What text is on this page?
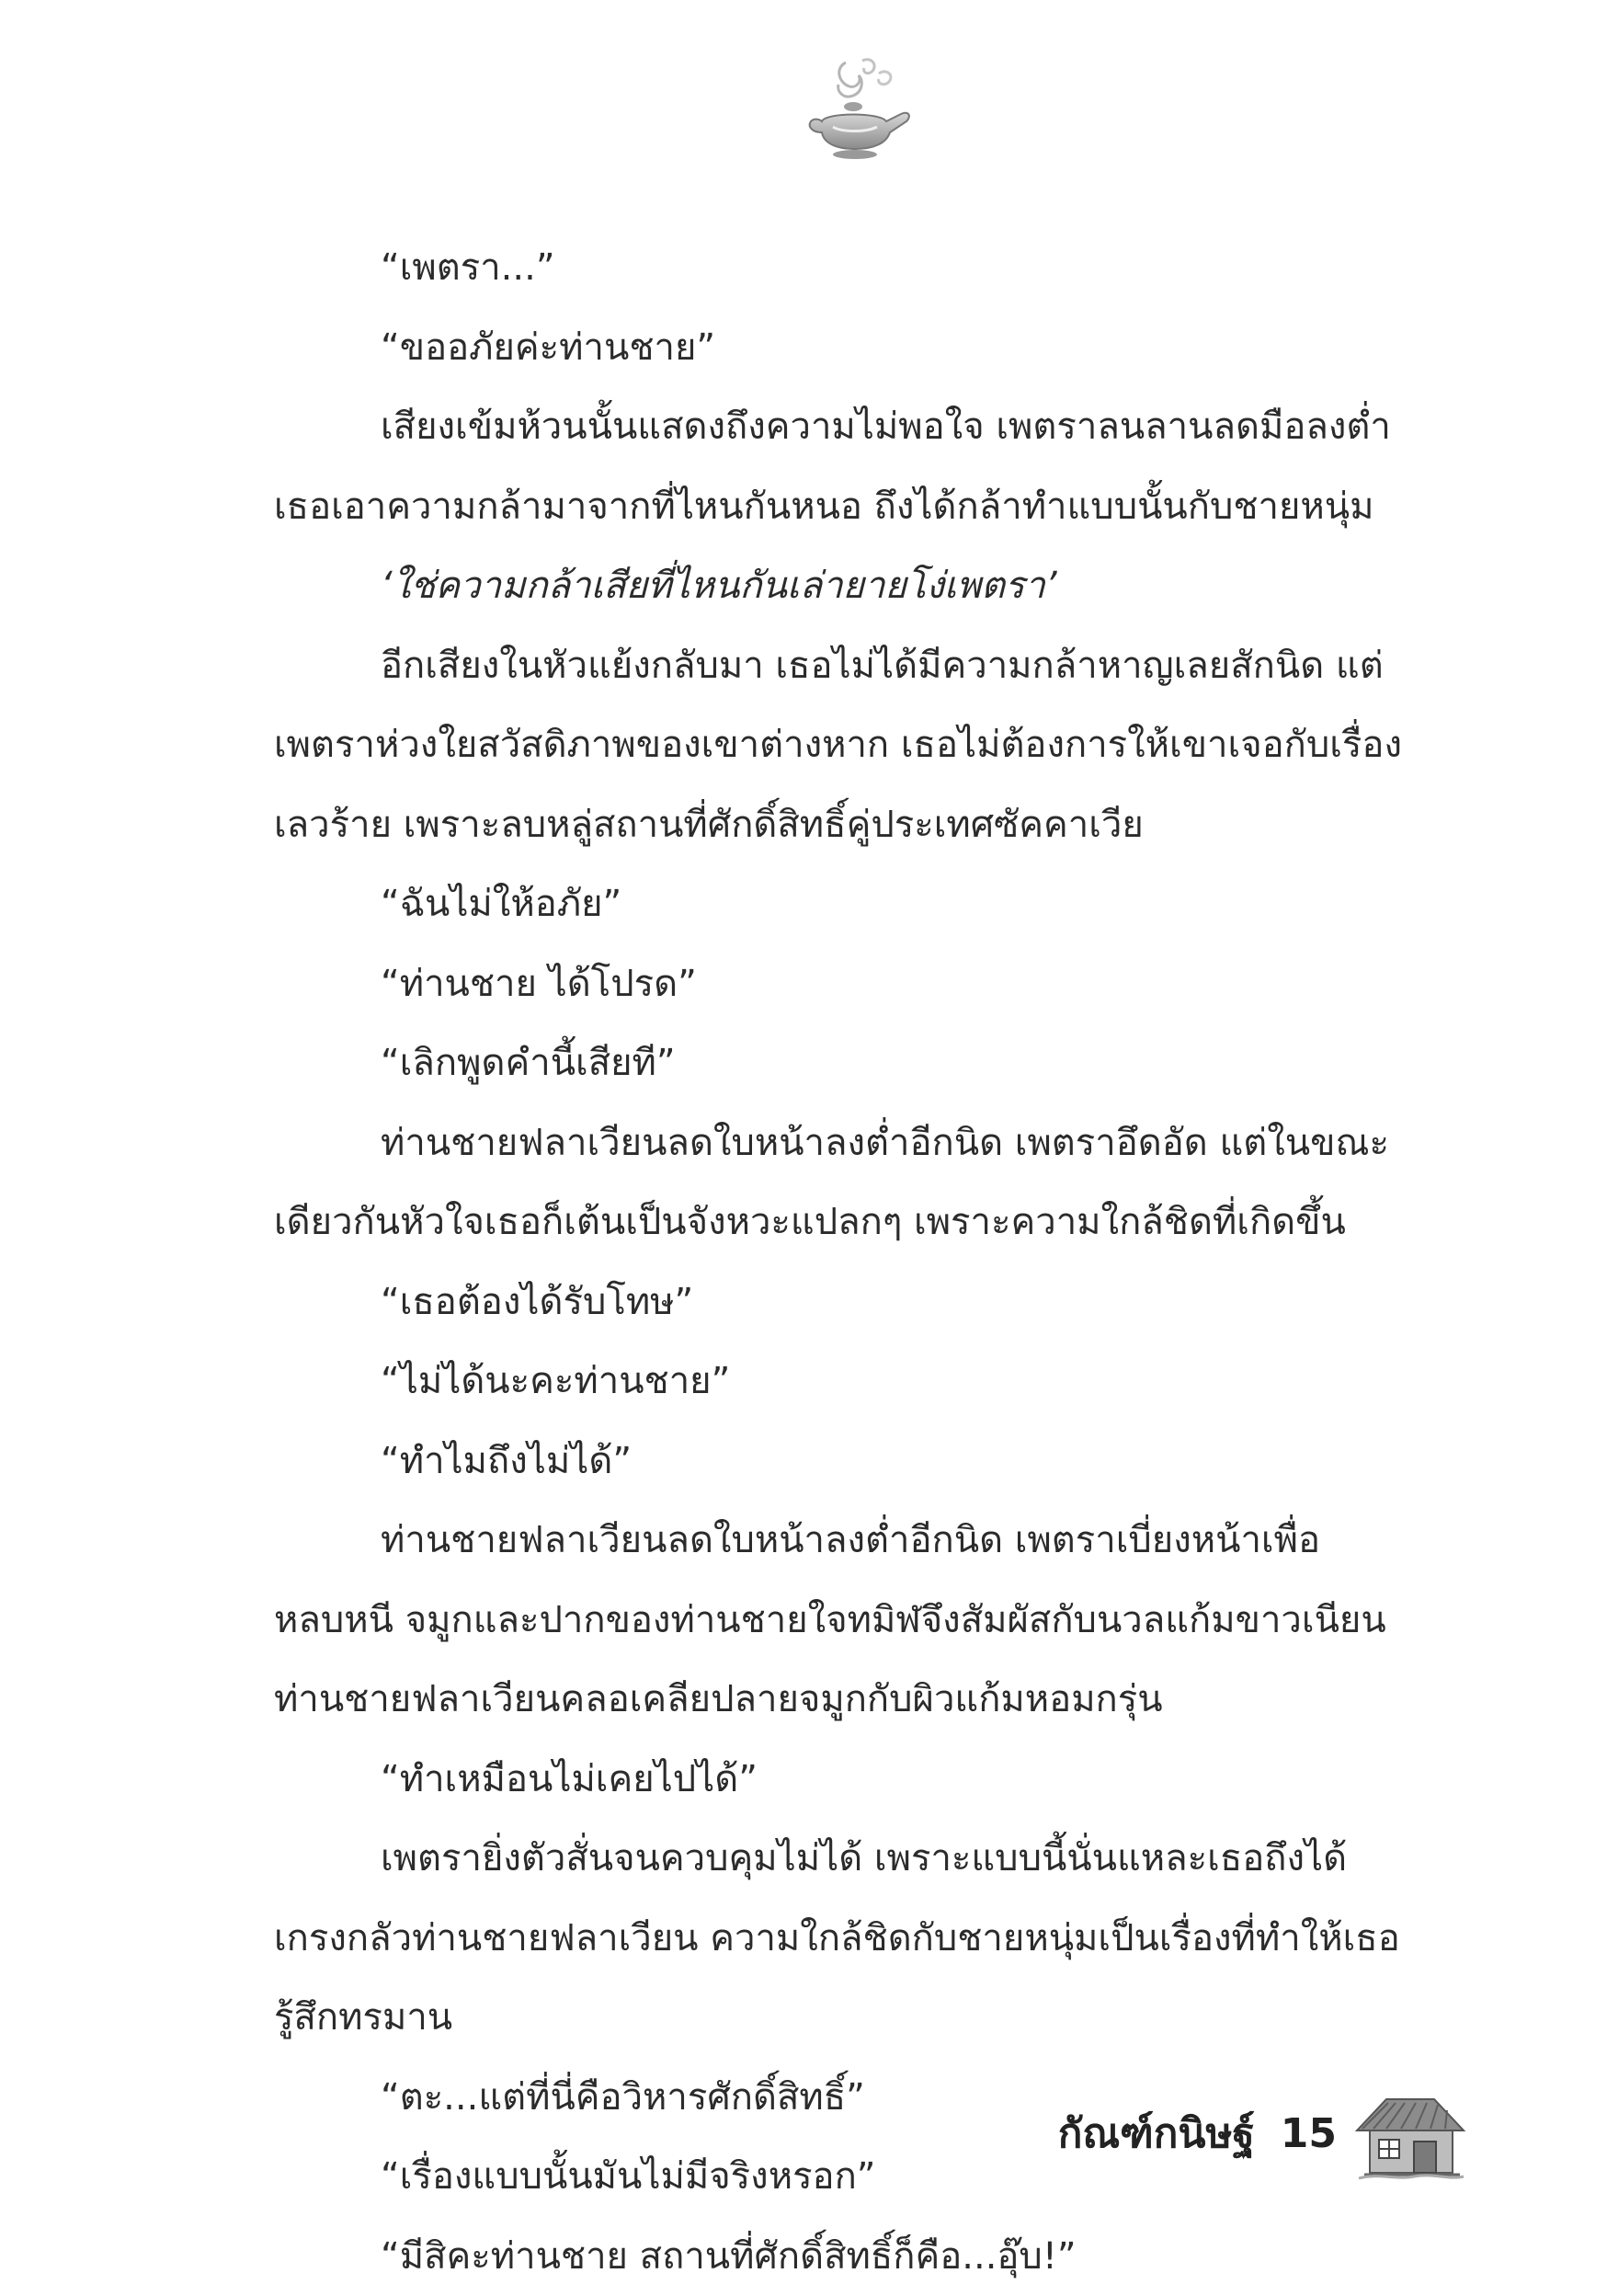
“เพตรา...”
“ขออภัยค่ะท่านชาย”
เสียงเข้มห้วนนั้นแสดงถึงความไม่พอใจ เพตราลนลานลดมือลงต่ำ
เธอเอาความกล้ามาจากที่ไหนกันหนอ ถึงได้กล้าทำแบบนั้นกับชายหนุ่ม
‘ใช่ความกล้าเสียที่ไหนกันเล่ายายโง่เพตรา’
อีกเสียงในหัวแย้งกลับมา เธอไม่ได้มีความกล้าหาญเลยสักนิด แต่
เพตราห่วงใยสวัสดิภาพของเขาต่างหาก เธอไม่ต้องการให้เขาเจอกับเรื่อง
เลวร้าย เพราะลบหลู่สถานที่ศักดิ์สิทธิ์คู่ประเทศซัคคาเวีย
“ฉันไม่ให้อภัย”
“ท่านชาย ได้โปรด”
“เลิกพูดคำนี้เสียที”
ท่านชายฟลาเวียนลดใบหน้าลงต่ำอีกนิด เพตราอึดอัด แต่ในขณะ
เดียวกันหัวใจเธอก็เต้นเป็นจังหวะแปลกๆ เพราะความใกล้ชิดที่เกิดขึ้น
“เธอต้องได้รับโทษ”
“ไม่ได้นะคะท่านชาย”
“ทำไมถึงไม่ได้”
ท่านชายฟลาเวียนลดใบหน้าลงต่ำอีกนิด เพตราเบี่ยงหน้าเพื่อ
หลบหนี จมูกและปากของท่านชายใจทมิฬจึงสัมผัสกับนวลแก้มขาวเนียน
ท่านชายฟลาเวียนคลอเคลียปลายจมูกกับผิวแก้มหอมกรุ่น
“ทำเหมือนไม่เคยไปได้”
เพตรายิ่งตัวสั่นจนควบคุมไม่ได้ เพราะแบบนี้นั่นแหละเธอถึงได้
เกรงกลัวท่านชายฟลาเวียน ความใกล้ชิดกับชายหนุ่มเป็นเรื่องที่ทำให้เธอ
รู้สึกทรมาน
“ตะ...แต่ที่นี่คือวิหารศักดิ์สิทธิ์”
“เรื่องแบบนั้นมันไม่มีจริงหรอก”
“มีสิคะท่านชาย สถานที่ศักดิ์สิทธิ์ก็คือ...อุ๊บ!”
กัณฑ์กนิษฐ์ 15
